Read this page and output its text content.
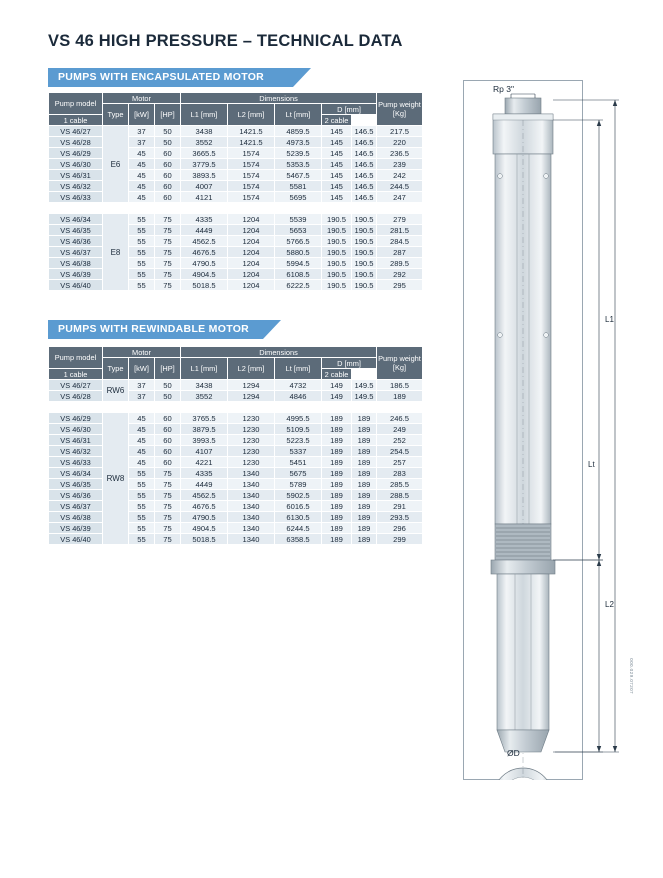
VS 46 HIGH PRESSURE – TECHNICAL DATA
PUMPS WITH ENCAPSULATED MOTOR
Pump model	Motor			Dimensions					Pump weight [Kg]
	Type	[kW]	[HP]	L1 [mm]	L2 [mm]	Lt [mm]	D [mm]		
1 cable							2 cable		
VS 46/27	E6	37	50	3438	1421.5	4859.5	145	146.5	217.5
VS 46/28		37	50	3552	1421.5	4973.5	145	146.5	220
VS 46/29		45	60	3665.5	1574	5239.5	145	146.5	236.5
VS 46/30		45	60	3779.5	1574	5353.5	145	146.5	239
VS 46/31		45	60	3893.5	1574	5467.5	145	146.5	242
VS 46/32		45	60	4007	1574	5581	145	146.5	244.5
VS 46/33		45	60	4121	1574	5695	145	146.5	247

VS 46/34	E8	55	75	4335	1204	5539	190.5	190.5	279
VS 46/35		55	75	4449	1204	5653	190.5	190.5	281.5
VS 46/36		55	75	4562.5	1204	5766.5	190.5	190.5	284.5
VS 46/37		55	75	4676.5	1204	5880.5	190.5	190.5	287
VS 46/38		55	75	4790.5	1204	5994.5	190.5	190.5	289.5
VS 46/39		55	75	4904.5	1204	6108.5	190.5	190.5	292
VS 46/40		55	75	5018.5	1204	6222.5	190.5	190.5	295
PUMPS WITH REWINDABLE MOTOR
Pump model	Motor			Dimensions					Pump weight [Kg]
	Type	[kW]	[HP]	L1 [mm]	L2 [mm]	Lt [mm]	D [mm]		
1 cable							2 cable		
VS 46/27	RW6	37	50	3438	1294	4732	149	149.5	186.5
VS 46/28		37	50	3552	1294	4846	149	149.5	189

VS 46/29	RW8	45	60	3765.5	1230	4995.5	189	189	246.5
VS 46/30		45	60	3879.5	1230	5109.5	189	189	249
VS 46/31		45	60	3993.5	1230	5223.5	189	189	252
VS 46/32		45	60	4107	1230	5337	189	189	254.5
VS 46/33		45	60	4221	1230	5451	189	189	257
VS 46/34		55	75	4335	1340	5675	189	189	283
VS 46/35		55	75	4449	1340	5789	189	189	285.5
VS 46/36		55	75	4562.5	1340	5902.5	189	189	288.5
VS 46/37		55	75	4676.5	1340	6016.5	189	189	291
VS 46/38		55	75	4790.5	1340	6130.5	189	189	293.5
VS 46/39		55	75	4904.5	1340	6244.5	189	189	296
VS 46/40		55	75	5018.5	1340	6358.5	189	189	299
Rp 3"
L1
Lt
L2
ØD
000.029.07207
